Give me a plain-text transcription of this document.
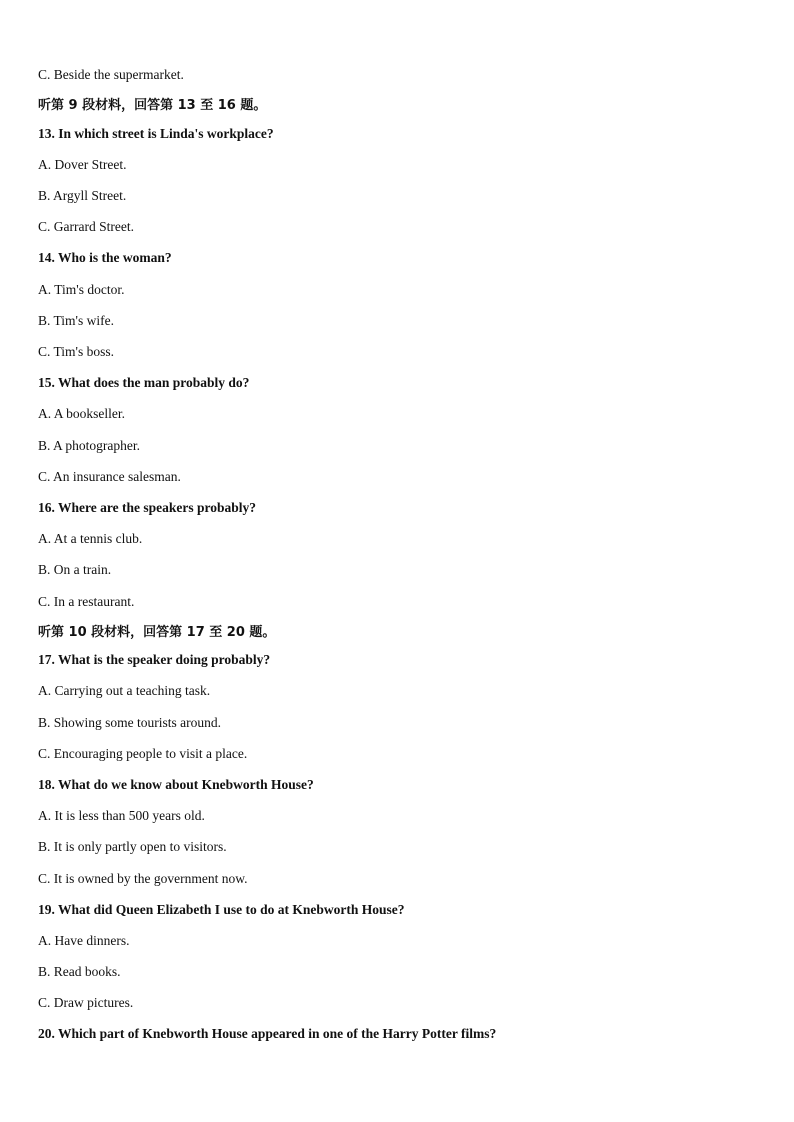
C. Beside the supermarket.
听第 9 段材料，回答第 13 至 16 题。
13. In which street is Linda's workplace?
A. Dover Street.
B. Argyll Street.
C. Garrard Street.
14. Who is the woman?
A. Tim's doctor.
B. Tim's wife.
C. Tim's boss.
15. What does the man probably do?
A. A bookseller.
B. A photographer.
C. An insurance salesman.
16. Where are the speakers probably?
A. At a tennis club.
B. On a train.
C. In a restaurant.
听第 10 段材料，回答第 17 至 20 题。
17. What is the speaker doing probably?
A. Carrying out a teaching task.
B. Showing some tourists around.
C. Encouraging people to visit a place.
18. What do we know about Knebworth House?
A. It is less than 500 years old.
B. It is only partly open to visitors.
C. It is owned by the government now.
19. What did Queen Elizabeth I use to do at Knebworth House?
A. Have dinners.
B. Read books.
C. Draw pictures.
20. Which part of Knebworth House appeared in one of the Harry Potter films?
